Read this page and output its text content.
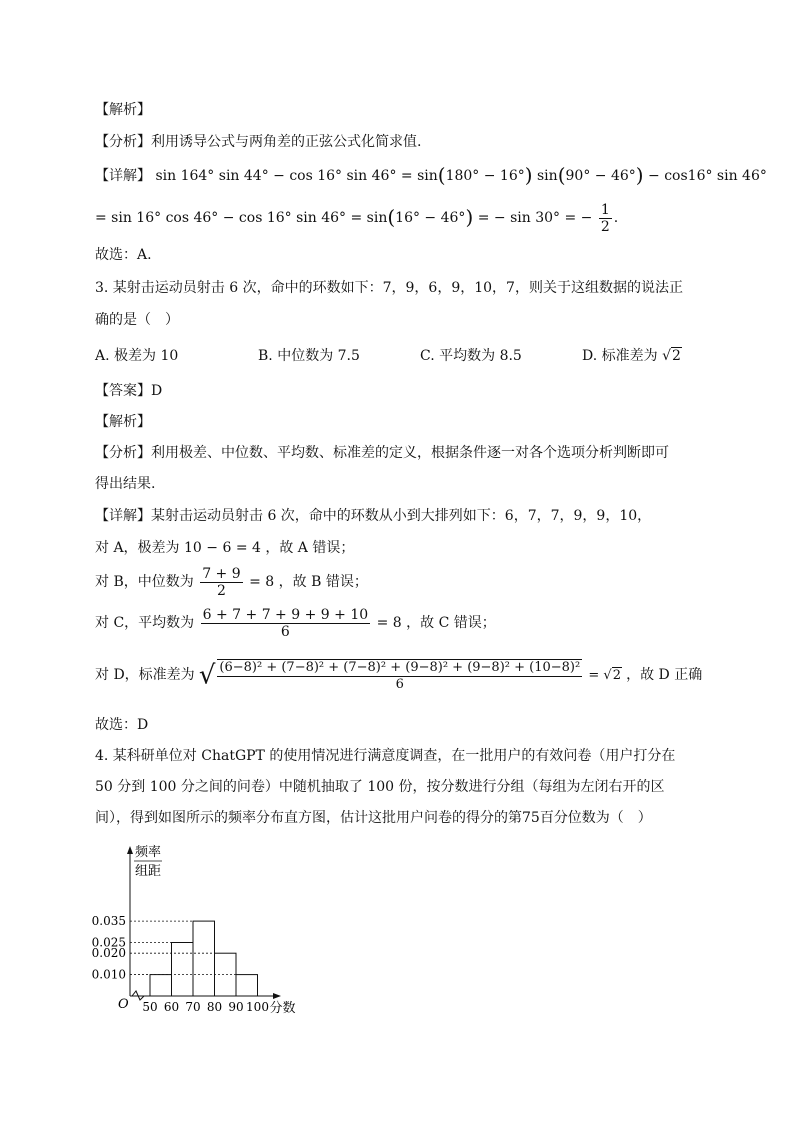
【解析】
【分析】利用诱导公式与两角差的正弦公式化简求值.
【详解】 sin 164° sin 44° − cos 16° sin 46° = sin(180° − 16°) sin(90° − 46°) − cos16° sin 46°
= sin 16° cos 46° − cos 16° sin 46° = sin(16° − 46°) = − sin 30° = − $\frac{1}{2}$ .
故选：A.
3. 某射击运动员射击 6 次，命中的环数如下：7，9，6，9，10，7，则关于这组数据的说法正
确的是（　）
A. 极差为 10	B. 中位数为 7.5	C. 平均数为 8.5	D. 标准差为 √2
【答案】D
【解析】
【分析】利用极差、中位数、平均数、标准差的定义，根据条件逐一对各个选项分析判断即可
得出结果.
【详解】某射击运动员射击 6 次，命中的环数从小到大排列如下：6，7，7，9，9，10，
对 A，极差为 10 − 6 = 4 ，故 A 错误；
对 B，中位数为 $\frac{7 + 9}{2} = 8$ ，故 B 错误；
对 C，平均数为 $\frac{6 + 7 + 7 + 9 + 9 + 10}{6} = 8$ ，故 C 错误；
对 D，标准差为 √ $\frac{\text{(6−8)² + (7−8)² + (7−8)² + (9−8)² + (9−8)² + (10−8)²}}{6} = √2$ ，故 D 正确
故选：D
4. 某科研单位对 ChatGPT 的使用情况进行满意度调查，在一批用户的有效问卷（用户打分在
50 分到 100 分之间的问卷）中随机抽取了 100 份，按分数进行分组（每组为左闭右开的区
间），得到如图所示的频率分布直方图，估计这批用户问卷的得分的第75百分位数为（　）
0.010
0.020
0.025
0.035
50 60 70 80 90 100
O
频率
组距
分数
